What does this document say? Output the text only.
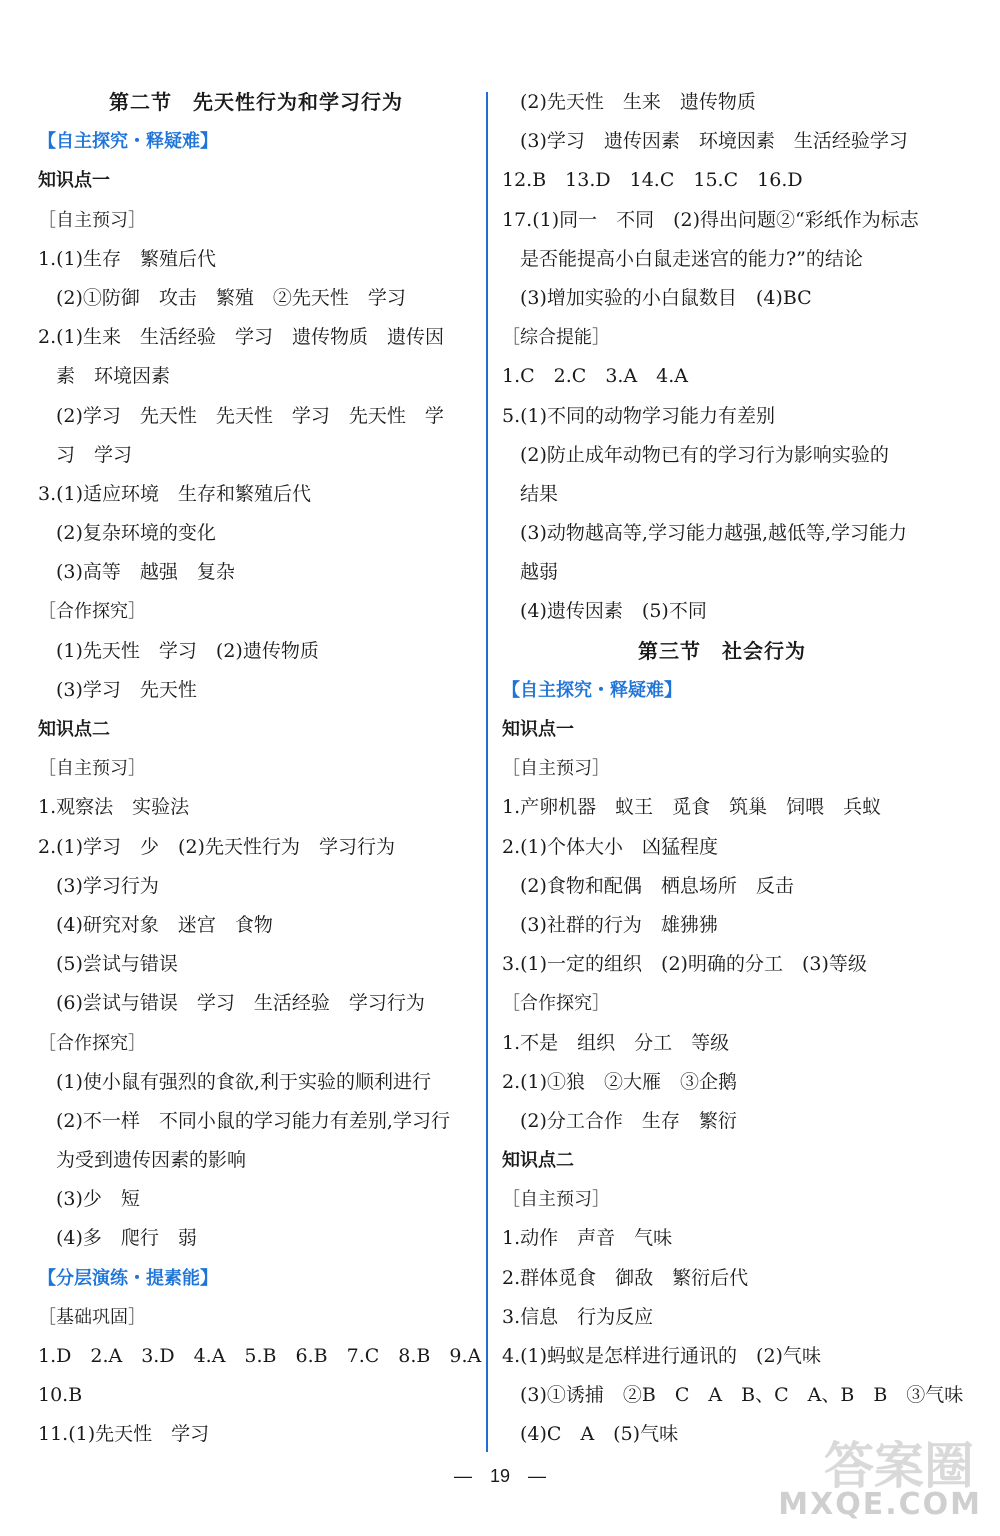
第二节　先天性行为和学习行为
【自主探究・释疑难】
知识点一
［自主预习］
1.(1)生存　繁殖后代
(2)①防御　攻击　繁殖　②先天性　学习
2.(1)生来　生活经验　学习　遗传物质　遗传因
素　环境因素
(2)学习　先天性　先天性　学习　先天性　学
习　学习
3.(1)适应环境　生存和繁殖后代
(2)复杂环境的变化
(3)高等　越强　复杂
［合作探究］
(1)先天性　学习　(2)遗传物质
(3)学习　先天性
知识点二
［自主预习］
1.观察法　实验法
2.(1)学习　少　(2)先天性行为　学习行为
(3)学习行为
(4)研究对象　迷宫　食物
(5)尝试与错误
(6)尝试与错误　学习　生活经验　学习行为
［合作探究］
(1)使小鼠有强烈的食欲,利于实验的顺利进行
(2)不一样　不同小鼠的学习能力有差别,学习行
为受到遗传因素的影响
(3)少　短
(4)多　爬行　弱
【分层演练・提素能】
［基础巩固］
1.D　2.A　3.D　4.A　5.B　6.B　7.C　8.B　9.A
10.B
11.(1)先天性　学习
(2)先天性　生来　遗传物质
(3)学习　遗传因素　环境因素　生活经验学习
12.B　13.D　14.C　15.C　16.D
17.(1)同一　不同　(2)得出问题②“彩纸作为标志
是否能提高小白鼠走迷宫的能力?”的结论
(3)增加实验的小白鼠数目　(4)BC
［综合提能］
1.C　2.C　3.A　4.A
5.(1)不同的动物学习能力有差别
(2)防止成年动物已有的学习行为影响实验的
结果
(3)动物越高等,学习能力越强,越低等,学习能力
越弱
(4)遗传因素　(5)不同
第三节　社会行为
【自主探究・释疑难】
知识点一
［自主预习］
1.产卵机器　蚁王　觅食　筑巢　饲喂　兵蚁
2.(1)个体大小　凶猛程度
(2)食物和配偶　栖息场所　反击
(3)社群的行为　雄狒狒
3.(1)一定的组织　(2)明确的分工　(3)等级
［合作探究］
1.不是　组织　分工　等级
2.(1)①狼　②大雁　③企鹅
(2)分工合作　生存　繁衍
知识点二
［自主预习］
1.动作　声音　气味
2.群体觅食　御敌　繁衍后代
3.信息　行为反应
4.(1)蚂蚁是怎样进行通讯的　(2)气味
(3)①诱捕　②B　C　A　B、C　A、B　B　③气味
(4)C　A　(5)气味
—　19　—	答案圈
MXQE.COM
